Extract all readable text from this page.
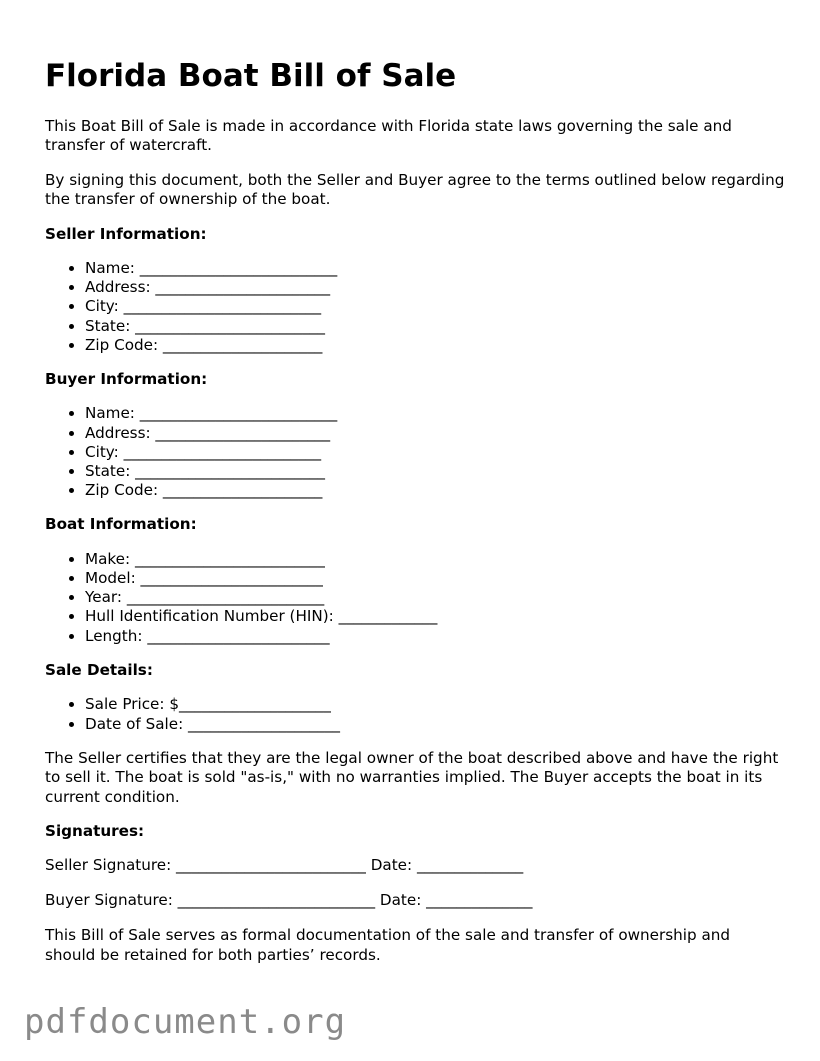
Florida Boat Bill of Sale

This Boat Bill of Sale is made in accordance with Florida state laws governing the sale and transfer of watercraft.

By signing this document, both the Seller and Buyer agree to the terms outlined below regarding the transfer of ownership of the boat.

Seller Information:
• Name: __________________________
• Address: _______________________
• City: __________________________
• State: _________________________
• Zip Code: _____________________
Buyer Information:
• Name: __________________________
• Address: _______________________
• City: __________________________
• State: _________________________
• Zip Code: _____________________
Boat Information:
• Make: _________________________
• Model: ________________________
• Year: __________________________
• Hull Identification Number (HIN): _____________
• Length: ________________________
Sale Details:
• Sale Price: $____________________
• Date of Sale: ____________________

The Seller certifies that they are the legal owner of the boat described above and have the right to sell it. The boat is sold "as-is," with no warranties implied. The Buyer accepts the boat in its current condition.

Signatures:
Seller Signature: _________________________ Date: ______________
Buyer Signature: __________________________ Date: ______________

This Bill of Sale serves as formal documentation of the sale and transfer of ownership and should be retained for both parties’ records.

pdfdocument.org
